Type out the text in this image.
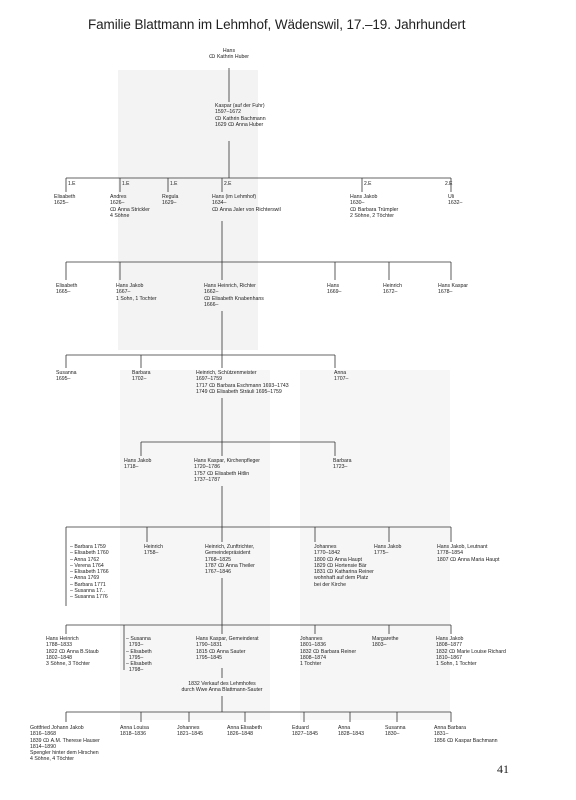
Familie Blattmann im Lehmhof, Wädenswil, 17.–19. Jahrhundert
Hans
ↀ Kathrin Huber
Kaspar (auf der Fuhr)
1597–1672
ↀ Kathrin Bachmann
1629 ↀ Anna Huber
1.E	1.E	1.E	2.E	2.E	2.E
Elisabeth
1625–
Andres
1626–
ↀ Anna Strickler
4 Söhne
Regula
1629–
Hans (im Lehmhof)
1634–
ↀ Anna Jaler von Richterswil
Hans Jakob
1630–
ↀ Barbara Trümpler
2 Söhne, 2 Töchter
Uli
1632–
Elisabeth
1665–
Hans Jakob
1667–
1 Sohn, 1 Tochter
Hans Heinrich, Richter
1662–
ↀ Elisabeth Knabenhans
1666–
Hans
1669–
Heinrich
1672–
Hans Kaspar
1678–
Susanna
1695–
Barbara
1702–
Heinrich, Schützenmeister
1697–1759
1717 ↀ Barbara Eschmann 1693–1743
1749 ↀ Elisabeth Sträuli 1695–1759
Anna
1707–
Hans Jakob
1718–
Hans Kaspar, Kirchenpfleger
1720–1786
1757 ↀ Elisabeth Hitlin
1737–1787
Barbara
1723–
– Barbara 1759
– Elisabeth 1760
– Anna 1762
– Verena 1764
– Elisabeth 1766
– Anna 1769
– Barbara 1771
– Susanna 17..
– Susanna 1776
Heinrich
1758–
Heinrich, Zunftrichter,
Gemeindepräsident
1768–1825
1787 ↀ Anna Theiler
1767–1846
Johannes
1770–1842
1800 ↀ Anna Haupt
1829 ↀ Hortensie Bär
1831 ↀ Katharina Reiner
wohnhaft auf dem Platz
bei der Kirche
Hans Jakob
1775–
Hans Jakob, Leutnant
1778–1854
1807 ↀ Anna Maria Haupt
Hans Heinrich
1788–1833
1822 ↀ Anna B.Staub
1802–1848
3 Söhne, 3 Töchter
– Susanna
1793–
– Elisabeth
1795–
– Elisabeth
1798–
Hans Kaspar, Gemeinderat
1790–1831
1815 ↀ Anna Sauter
1795–1845
Johannes
1801–1836
1832 ↀ Barbara Reiner
1808–1874
1 Tochter
Margarethe
1803–
Hans Jakob
1808–1877
1832 ↀ Marie Louise Richard
1810–1867
1 Sohn, 1 Tochter
1832 Verkauf des Lehmhofes
durch Wwe Anna Blattmann-Sauter
Gottfried Johann Jakob
1816–1868
1839 ↀ A.M. Therese Hauser
1814–1890
Spengler hinter dem Hirschen
4 Söhne, 4 Töchter
Anna Louisa
1818–1836
Johannes
1821–1845
Anna Elisabeth
1826–1848
Eduard
1827–1845
Anna
1828–1843
Susanna
1830–
Anna Barbara
1831–
1856 ↀ Kaspar Bachmann
41
